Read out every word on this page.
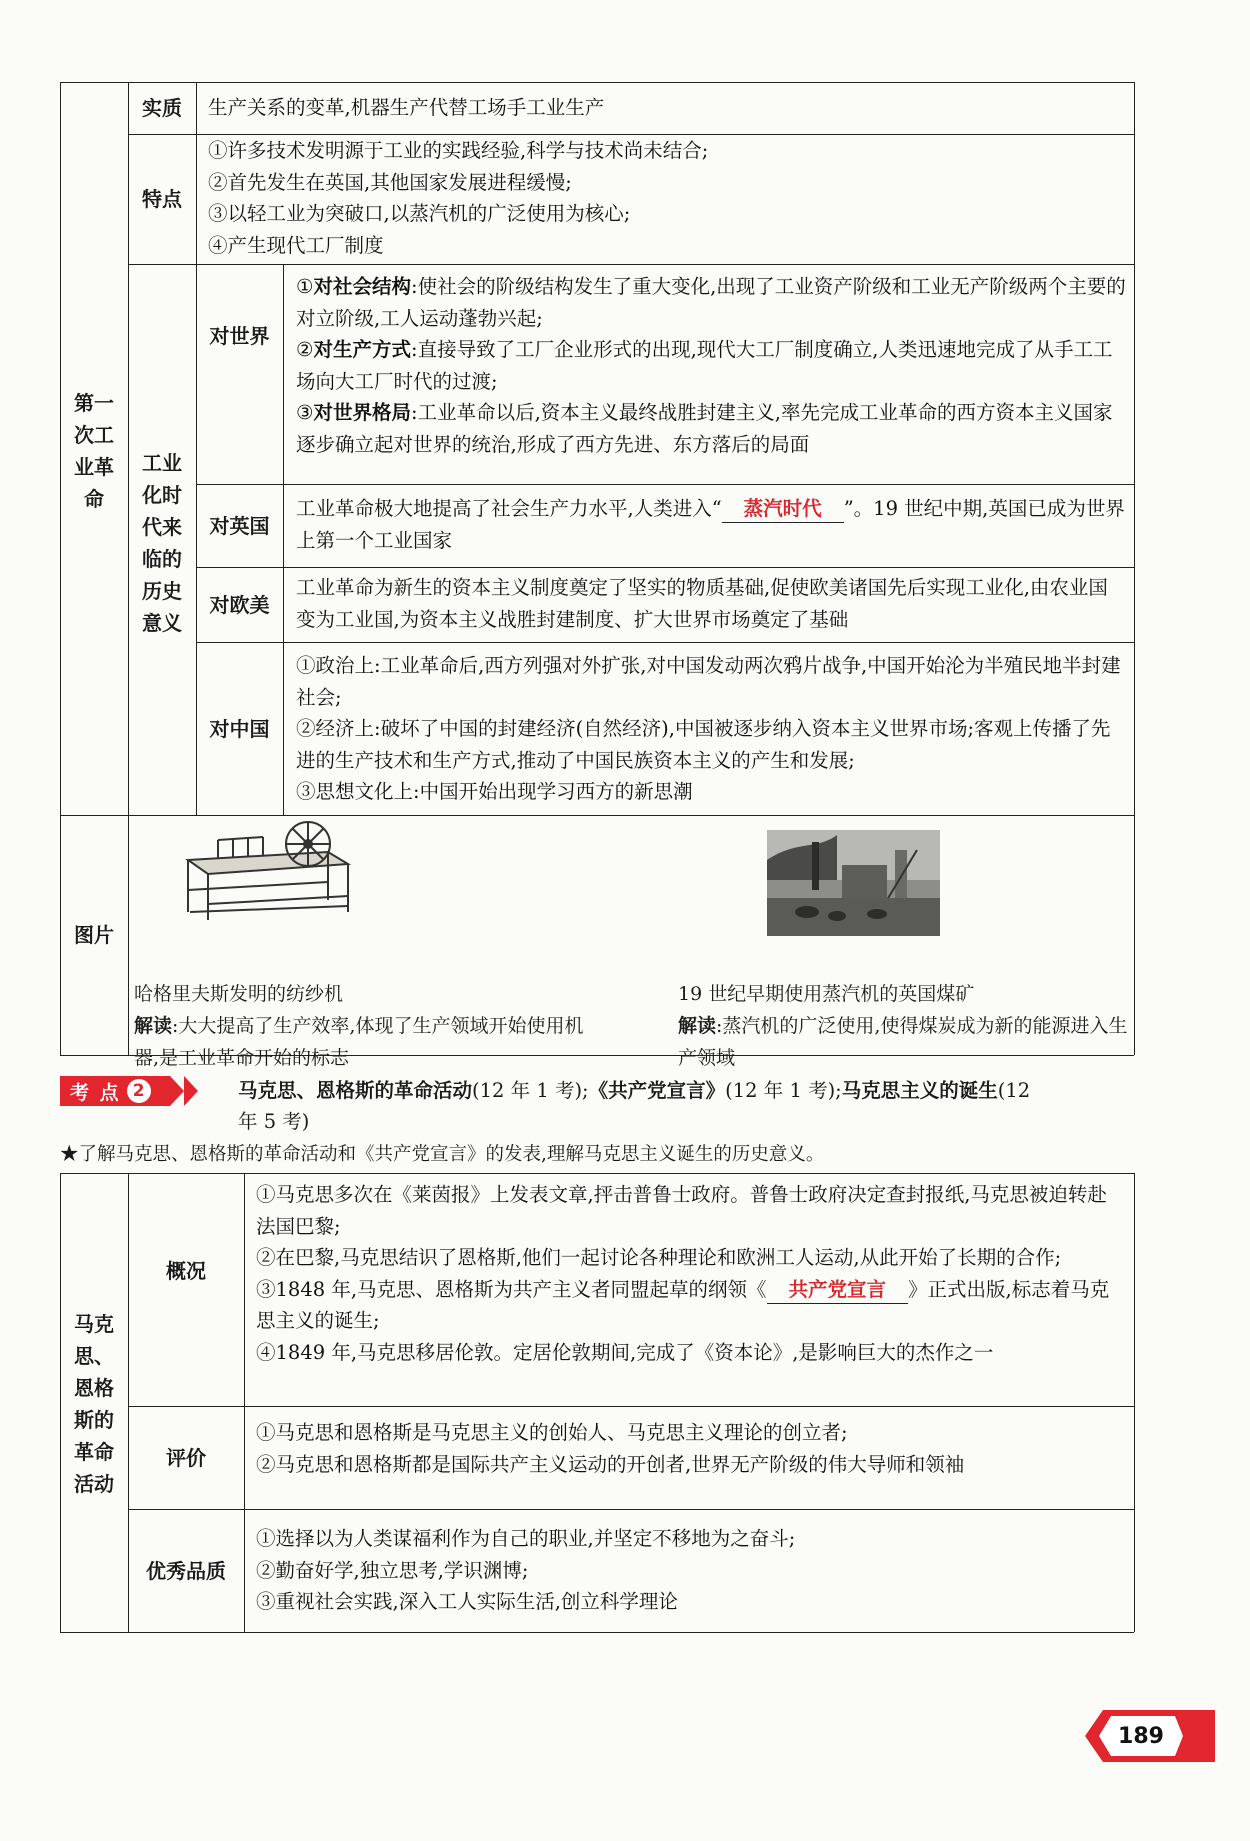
第一
次工
业革
命
实质	生产关系的变革,机器生产代替工场手工业生产
特点

①许多技术发明源于工业的实践经验,科学与技术尚未结合;

②首先发生在英国,其他国家发展进程缓慢;

③以轻工业为突破口,以蒸汽机的广泛使用为核心;

④产生现代工厂制度

工业
化时
代来
临的
历史
意义
对世界

①对社会结构:使社会的阶级结构发生了重大变化,出现了工业资产阶级和工业无产阶级两个主要的对立阶级,工人运动蓬勃兴起;

②对生产方式:直接导致了工厂企业形式的出现,现代大工厂制度确立,人类迅速地完成了从手工工场向大工厂时代的过渡;

③对世界格局:工业革命以后,资本主义最终战胜封建主义,率先完成工业革命的西方资本主义国家逐步确立起对世界的统治,形成了西方先进、东方落后的局面

对英国

工业革命极大地提高了社会生产力水平,人类进入“ 蒸汽时代 ”。19 世纪中期,英国已成为世界上第一个工业国家

对欧美
工业革命为新生的资本主义制度奠定了坚实的物质基础,促使欧美诸国先后实现工业化,由农业国变为工业国,为资本主义战胜封建制度、扩大世界市场奠定了基础
对中国

①政治上:工业革命后,西方列强对外扩张,对中国发动两次鸦片战争,中国开始沦为半殖民地半封建社会;

②经济上:破坏了中国的封建经济(自然经济),中国被逐步纳入资本主义世界市场;客观上传播了先进的生产技术和生产方式,推动了中国民族资本主义的产生和发展;

③思想文化上:中国开始出现学习西方的新思潮

图片
哈格里夫斯发明的纺纱机
解读:大大提高了生产效率,体现了生产领域开始使用机器,是工业革命开始的标志
19 世纪早期使用蒸汽机的英国煤矿
解读:蒸汽机的广泛使用,使得煤炭成为新的能源进入生产领域
考 点 2	马克思、恩格斯的革命活动(12 年 1 考);《共产党宣言》(12 年 1 考);马克思主义的诞生(12
年 5 考)
★了解马克思、恩格斯的革命活动和《共产党宣言》的发表,理解马克思主义诞生的历史意义。
马克
思、
恩格
斯的
革命
活动
概况

①马克思多次在《莱茵报》上发表文章,抨击普鲁士政府。普鲁士政府决定查封报纸,马克思被迫转赴法国巴黎;

②在巴黎,马克思结识了恩格斯,他们一起讨论各种理论和欧洲工人运动,从此开始了长期的合作;

③1848 年,马克思、恩格斯为共产主义者同盟起草的纲领《 共产党宣言 》正式出版,标志着马克思主义的诞生;

④1849 年,马克思移居伦敦。定居伦敦期间,完成了《资本论》,是影响巨大的杰作之一

评价

①马克思和恩格斯是马克思主义的创始人、马克思主义理论的创立者;

②马克思和恩格斯都是国际共产主义运动的开创者,世界无产阶级的伟大导师和领袖

优秀品质

①选择以为人类谋福利作为自己的职业,并坚定不移地为之奋斗;

②勤奋好学,独立思考,学识渊博;

③重视社会实践,深入工人实际生活,创立科学理论

189
